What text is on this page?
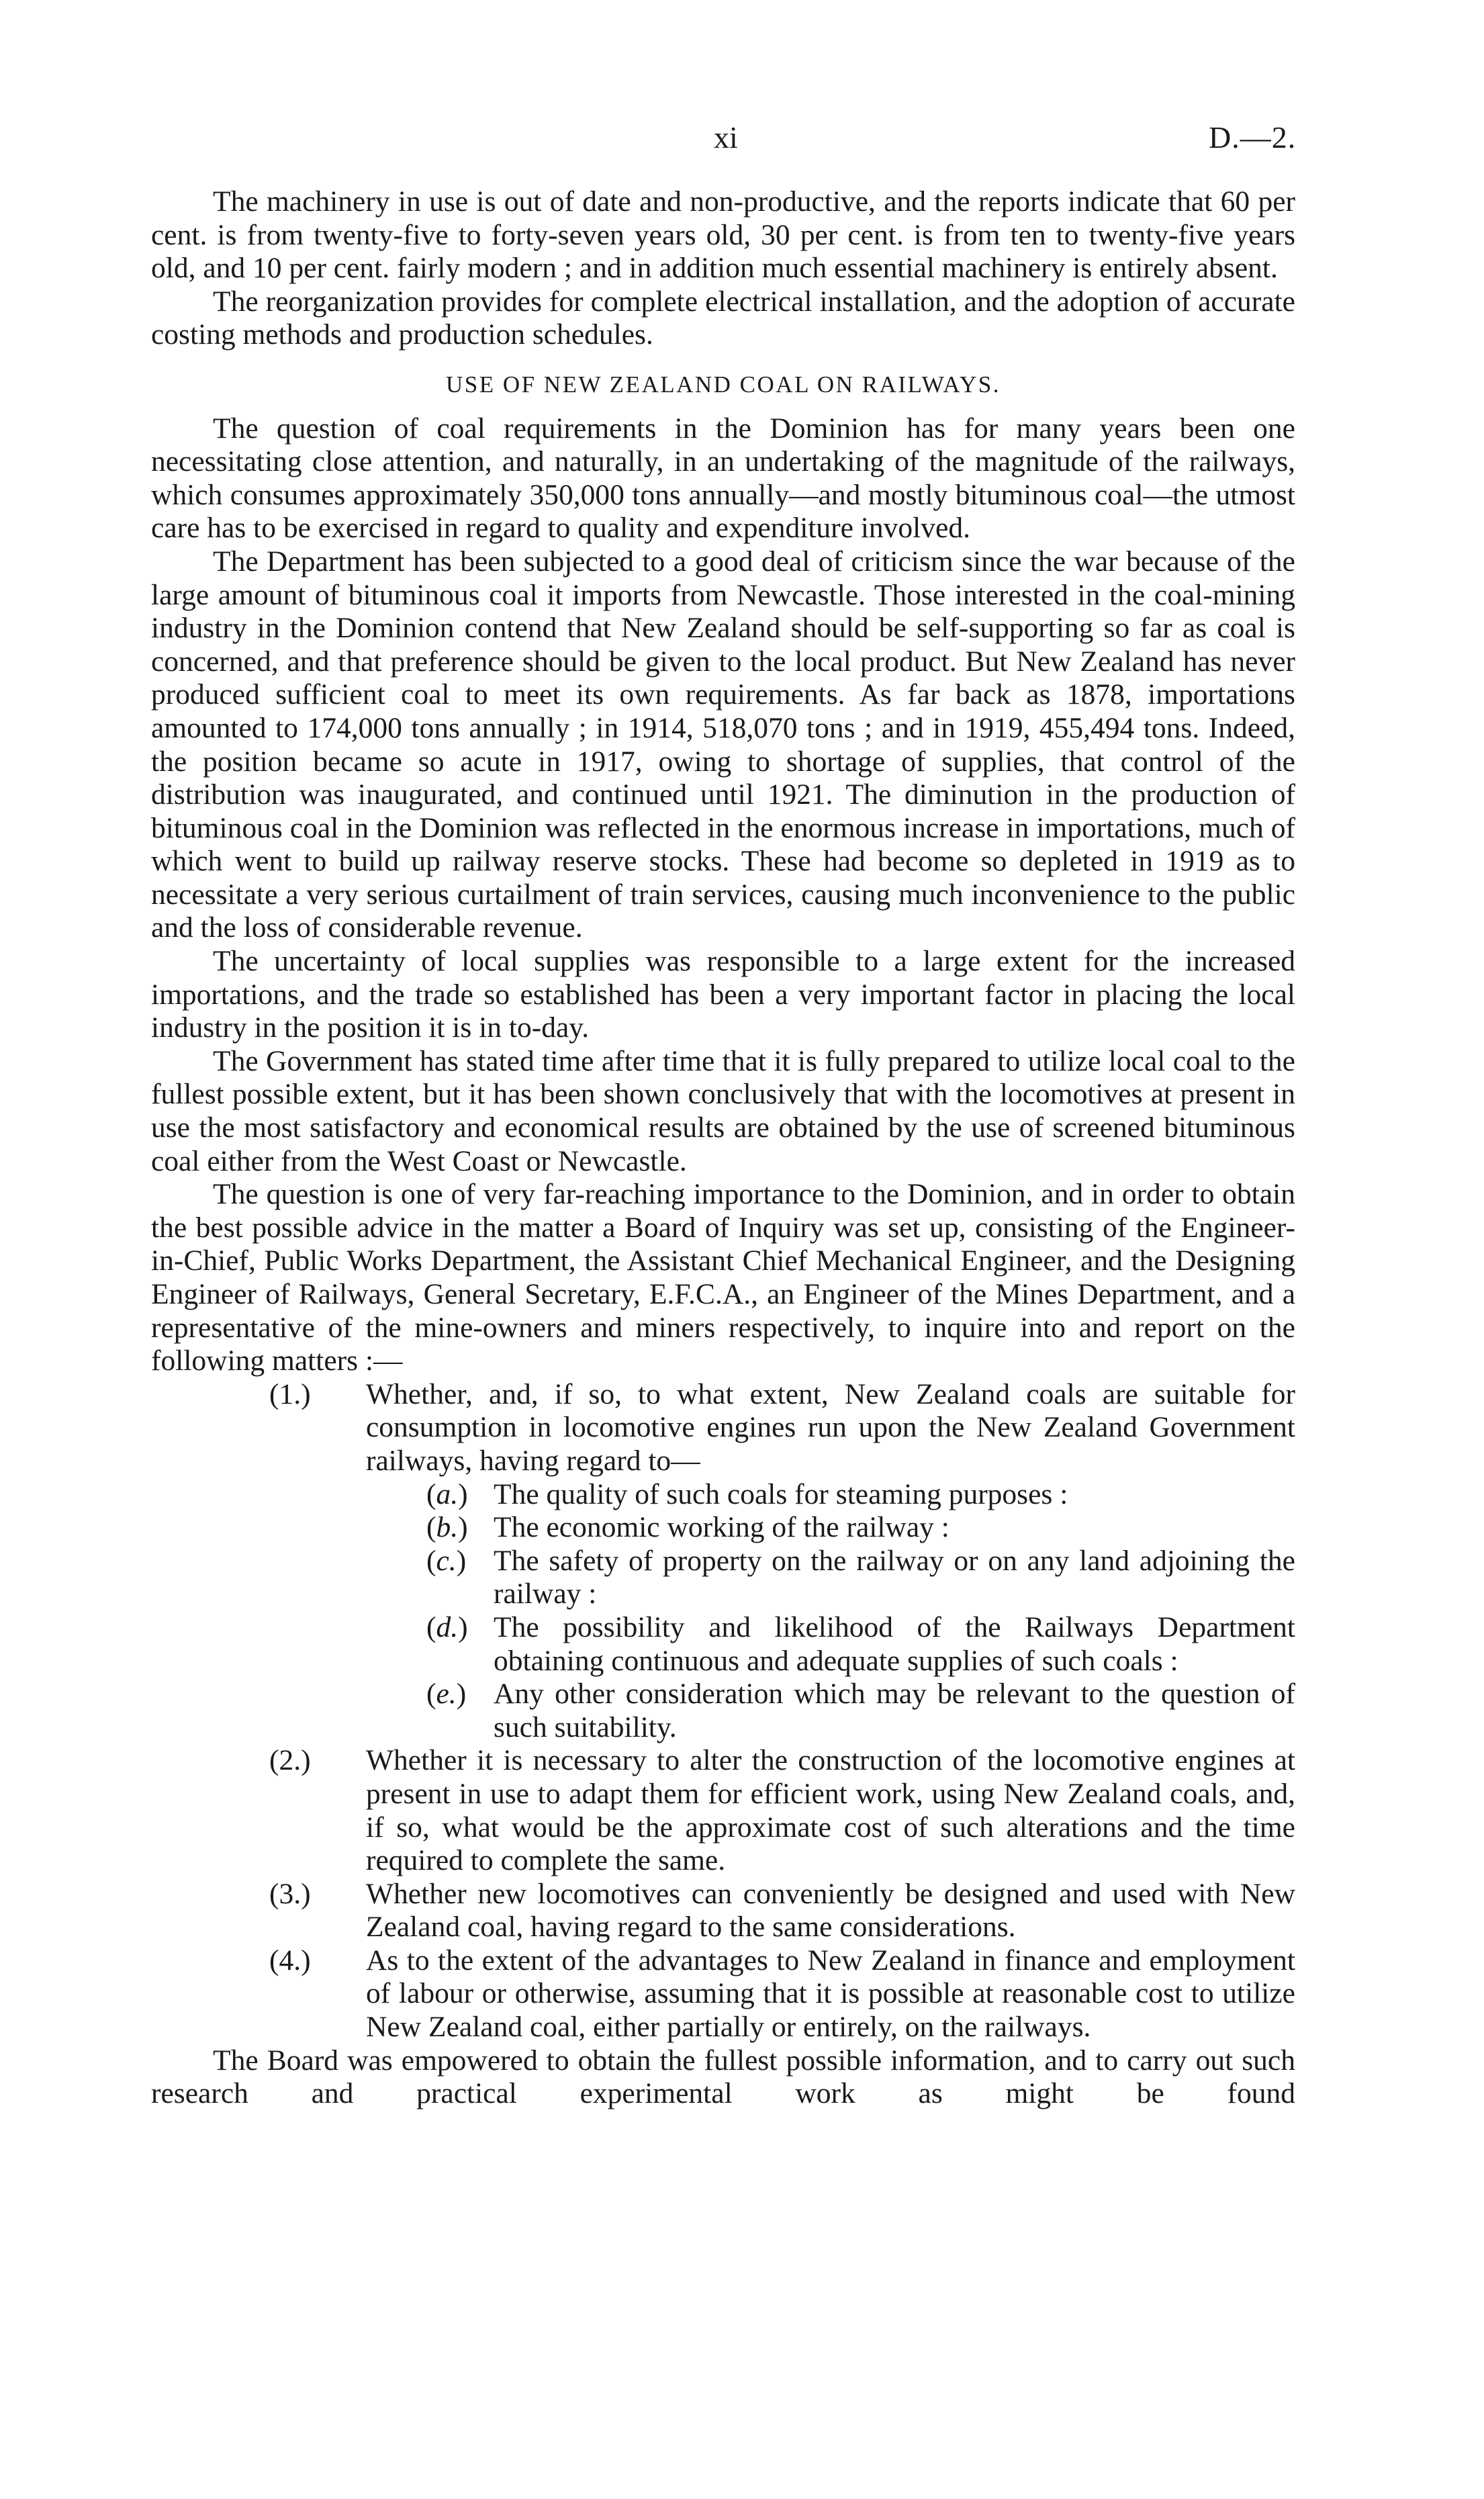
xi	D.—2.

The machinery in use is out of date and non-productive, and the reports indicate that 60 per cent. is from twenty-five to forty-seven years old, 30 per cent. is from ten to twenty-five years old, and 10 per cent. fairly modern ; and in addition much essential machinery is entirely absent.

The reorganization provides for complete electrical installation, and the adoption of accurate costing methods and production schedules.

USE OF NEW ZEALAND COAL ON RAILWAYS.

The question of coal requirements in the Dominion has for many years been one necessitating close attention, and naturally, in an undertaking of the magnitude of the railways, which consumes approximately 350,000 tons annually—and mostly bituminous coal—the utmost care has to be exercised in regard to quality and expenditure involved.

The Department has been subjected to a good deal of criticism since the war because of the large amount of bituminous coal it imports from Newcastle. Those interested in the coal-mining industry in the Dominion contend that New Zealand should be self-supporting so far as coal is concerned, and that preference should be given to the local product. But New Zealand has never produced sufficient coal to meet its own requirements. As far back as 1878, importations amounted to 174,000 tons annually ; in 1914, 518,070 tons ; and in 1919, 455,494 tons. Indeed, the position became so acute in 1917, owing to shortage of supplies, that control of the distribution was inaugurated, and continued until 1921. The diminution in the production of bituminous coal in the Dominion was reflected in the enormous increase in importations, much of which went to build up railway reserve stocks. These had become so depleted in 1919 as to necessitate a very serious curtailment of train services, causing much inconvenience to the public and the loss of considerable revenue.

The uncertainty of local supplies was responsible to a large extent for the increased importations, and the trade so established has been a very important factor in placing the local industry in the position it is in to-day.

The Government has stated time after time that it is fully prepared to utilize local coal to the fullest possible extent, but it has been shown conclusively that with the locomotives at present in use the most satisfactory and economical results are obtained by the use of screened bituminous coal either from the West Coast or Newcastle.

The question is one of very far-reaching importance to the Dominion, and in order to obtain the best possible advice in the matter a Board of Inquiry was set up, consisting of the Engineer-in-Chief, Public Works Department, the Assistant Chief Mechanical Engineer, and the Designing Engineer of Railways, General Secretary, E.F.C.A., an Engineer of the Mines Department, and a representative of the mine-owners and miners respectively, to inquire into and report on the following matters :—

(1.) Whether, and, if so, to what extent, New Zealand coals are suitable for consumption in locomotive engines run upon the New Zealand Government railways, having regard to—
(a.) The quality of such coals for steaming purposes :
(b.) The economic working of the railway :
(c.) The safety of property on the railway or on any land adjoining the railway :
(d.) The possibility and likelihood of the Railways Department obtaining continuous and adequate supplies of such coals :
(e.) Any other consideration which may be relevant to the question of such suitability.
(2.) Whether it is necessary to alter the construction of the locomotive engines at present in use to adapt them for efficient work, using New Zealand coals, and, if so, what would be the approximate cost of such alterations and the time required to complete the same.
(3.) Whether new locomotives can conveniently be designed and used with New Zealand coal, having regard to the same considerations.
(4.) As to the extent of the advantages to New Zealand in finance and employment of labour or otherwise, assuming that it is possible at reasonable cost to utilize New Zealand coal, either partially or entirely, on the railways.

The Board was empowered to obtain the fullest possible information, and to carry out such research and practical experimental work as might be found
